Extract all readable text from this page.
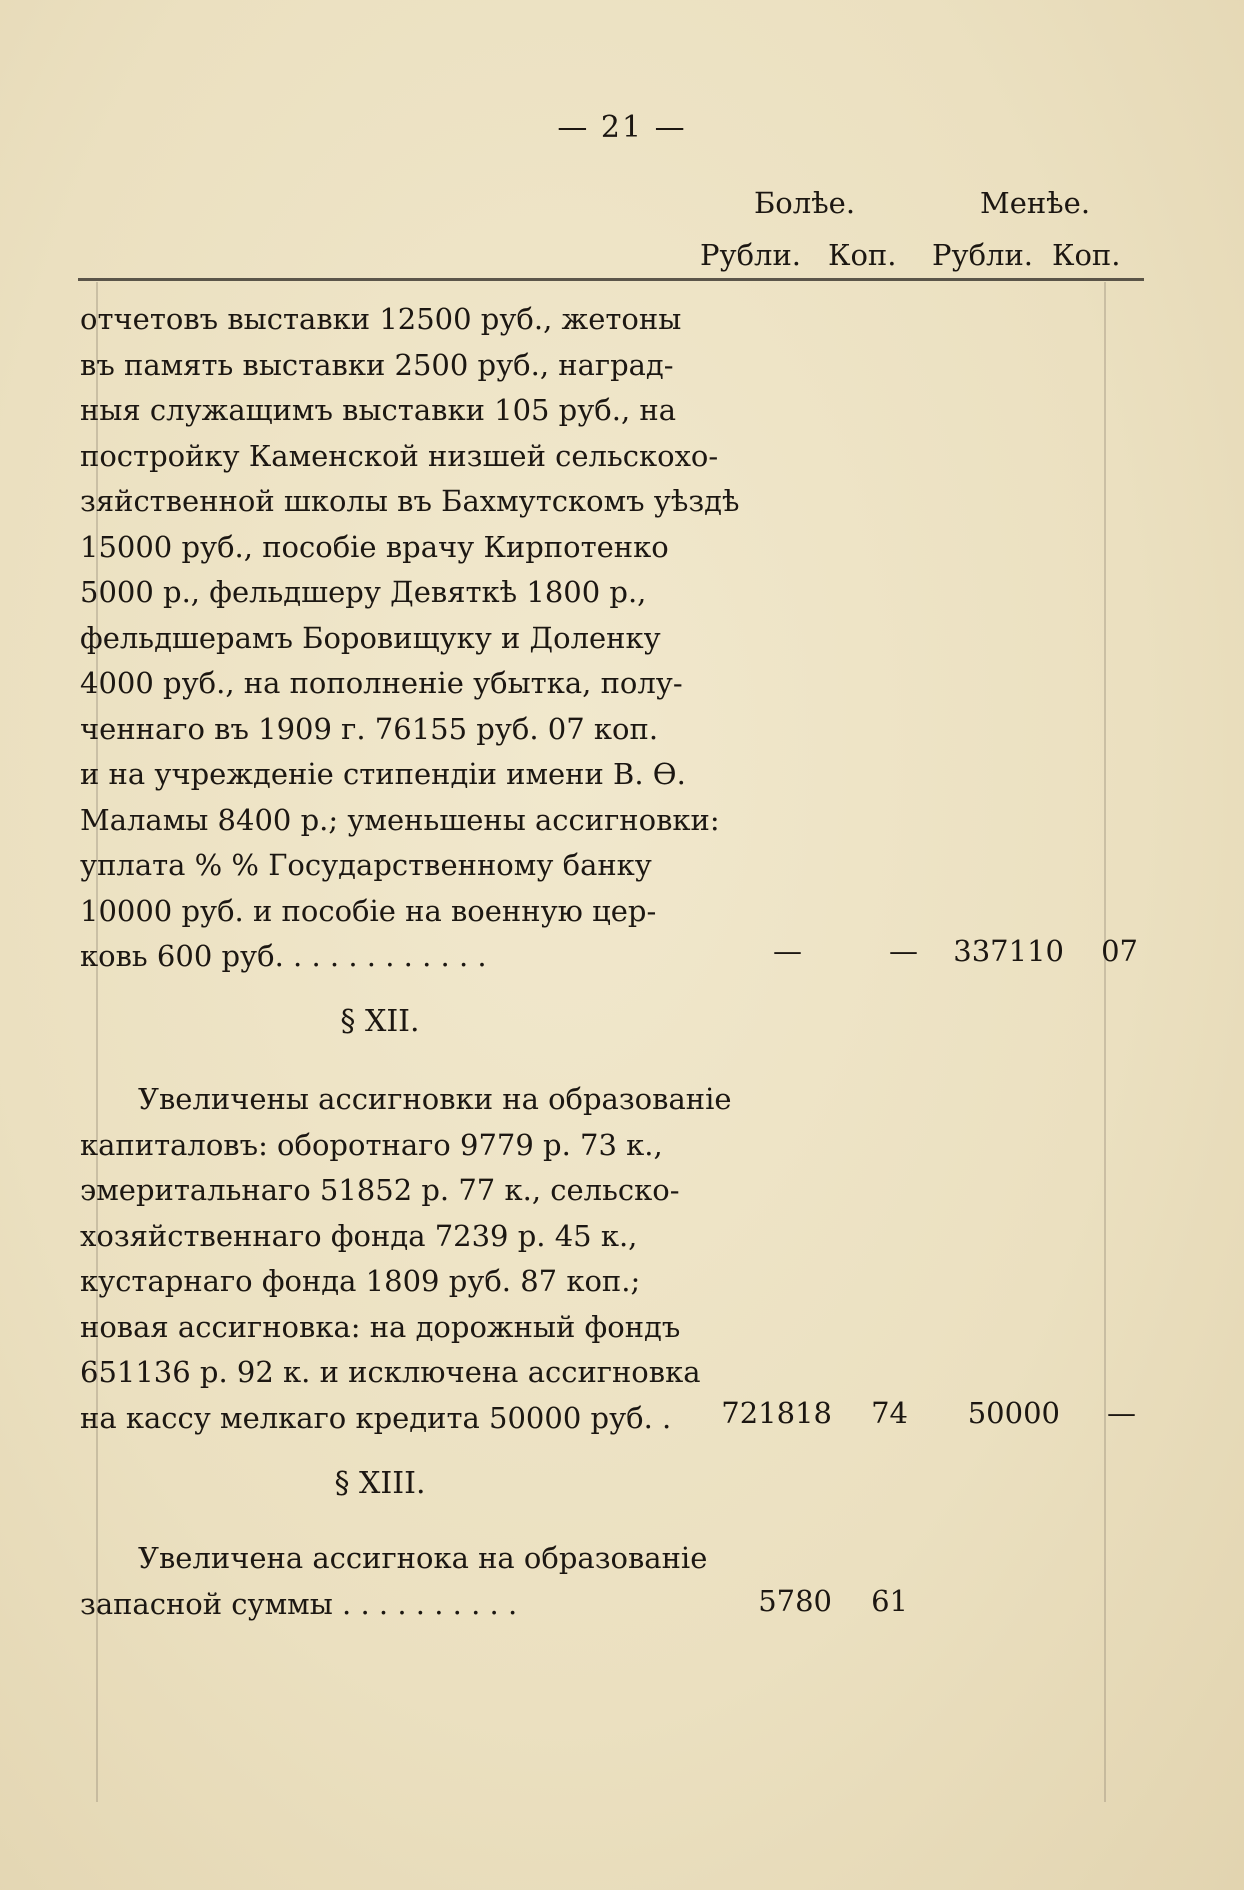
— 21 —
Болѣе.	Менѣе.
Рубли. Коп. Рубли. Коп.
отчетовъ выставки 12500 руб., жетоны
въ память выставки 2500 руб., наград-
ныя служащимъ выставки 105 руб., на
постройку Каменской низшей сельскохо-
зяйственной школы въ Бахмутскомъ уѣздѣ
15000 руб., пособіе врачу Кирпотенко
5000 р., фельдшеру Девяткѣ 1800 р.,
фельдшерамъ Боровищуку и Доленку
4000 руб., на пополненіе убытка, полу-
ченнаго въ 1909 г. 76155 руб. 07 коп.
и на учрежденіе стипендіи имени В. Ѳ.
Маламы 8400 р.; уменьшены ассигновки:
уплата % % Государственному банку
10000 руб. и пособіе на военную цер-
ковь 600 руб. . . . . . . . . . . .	—	—	337110 07
§ XII.
Увеличены ассигновки на образованіе
капиталовъ: оборотнаго 9779 р. 73 к.,
эмеритальнаго 51852 р. 77 к., сельско-
хозяйственнаго фонда 7239 р. 45 к.,
кустарнаго фонда 1809 руб. 87 коп.;
новая ассигновка: на дорожный фондъ
651136 р. 92 к. и исключена ассигновка
на кассу мелкаго кредита 50000 руб. .	721818	74	50000	—
§ XIII.
Увеличена ассигнока на образованіе
запасной суммы . . . . . . . . . .	5780	61
